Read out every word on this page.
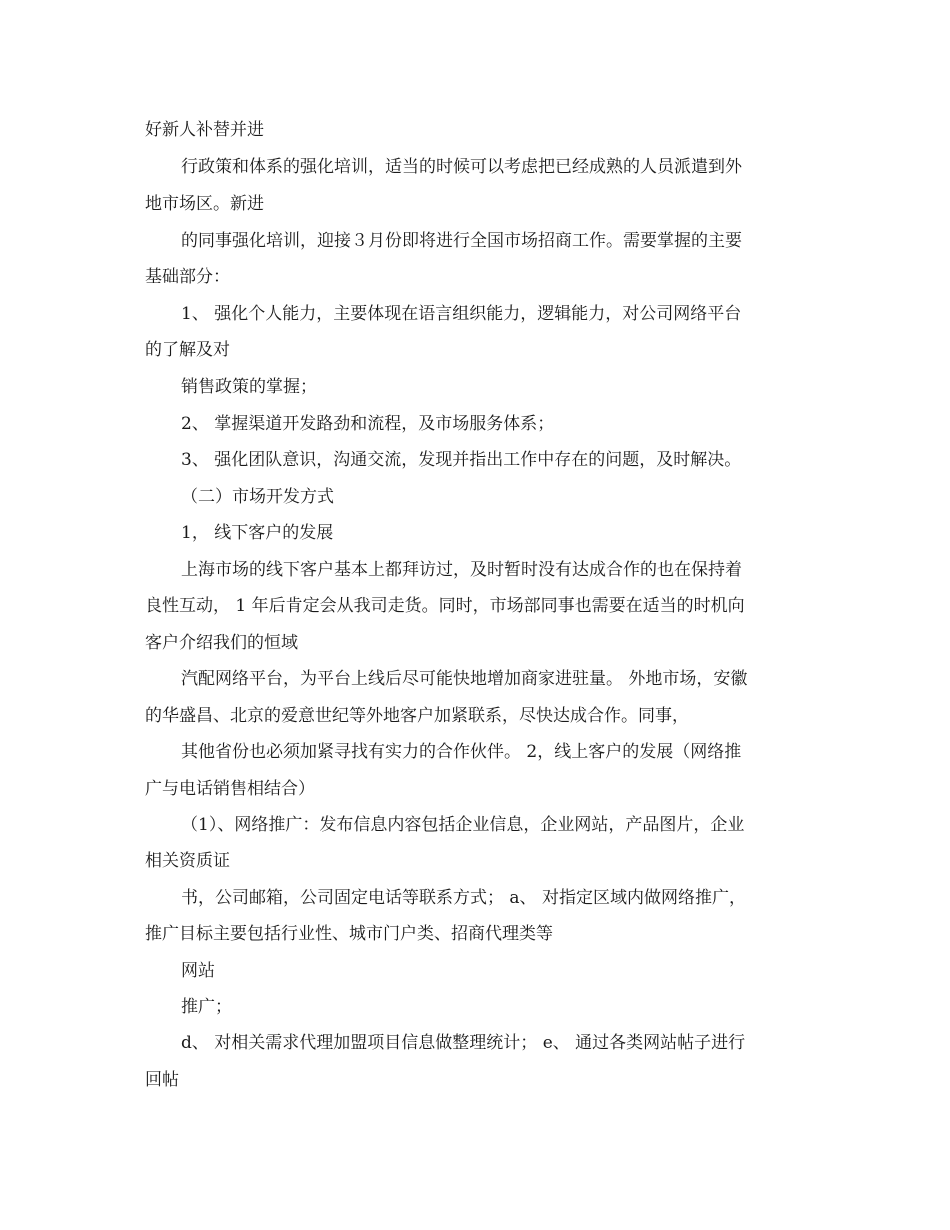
好新人补替并进
行政策和体系的强化培训，适当的时候可以考虑把已经成熟的人员派遣到外
地市场区。新进
的同事强化培训，迎接３月份即将进行全国市场招商工作。需要掌握的主要
基础部分：
1、 强化个人能力，主要体现在语言组织能力，逻辑能力，对公司网络平台
的了解及对
销售政策的掌握；
2、 掌握渠道开发路劲和流程，及市场服务体系；
3、 强化团队意识，沟通交流，发现并指出工作中存在的问题，及时解决。
（二）市场开发方式
1， 线下客户的发展
上海市场的线下客户基本上都拜访过，及时暂时没有达成合作的也在保持着
良性互动， 1 年后肯定会从我司走货。同时，市场部同事也需要在适当的时机向
客户介绍我们的恒域
汽配网络平台，为平台上线后尽可能快地增加商家进驻量。 外地市场，安徽
的华盛昌、北京的爱意世纪等外地客户加紧联系，尽快达成合作。同事，
其他省份也必须加紧寻找有实力的合作伙伴。 2，线上客户的发展（网络推
广与电话销售相结合）
（1）、网络推广：发布信息内容包括企业信息，企业网站，产品图片，企业
相关资质证
书，公司邮箱，公司固定电话等联系方式； a、 对指定区域内做网络推广，
推广目标主要包括行业性、城市门户类、招商代理类等
网站
推广；
d、 对相关需求代理加盟项目信息做整理统计； e、 通过各类网站帖子进行
回帖
